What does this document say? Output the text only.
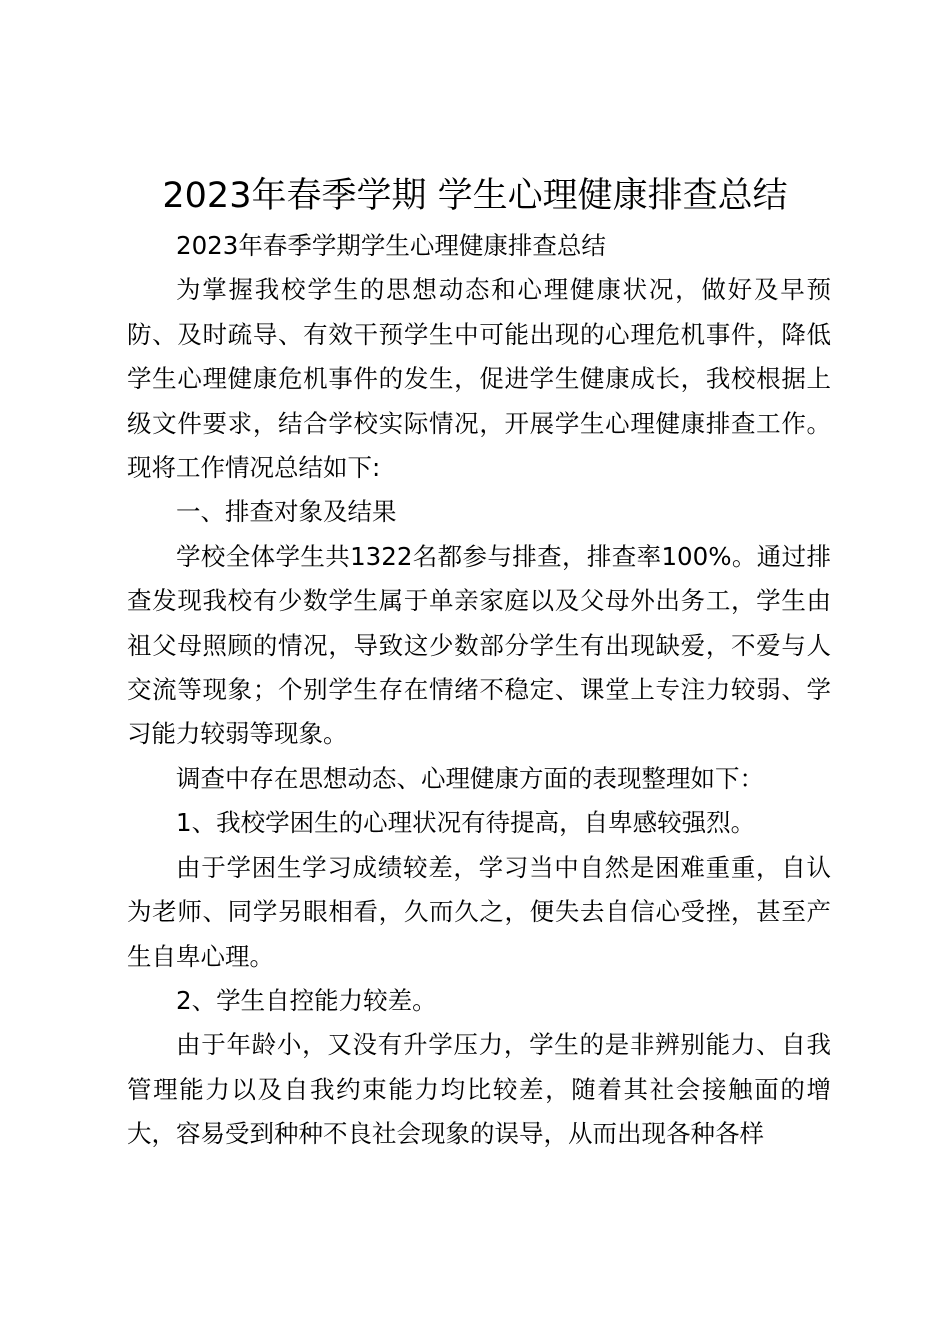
2023年春季学期 学生心理健康排查总结

2023年春季学期学生心理健康排查总结

为掌握我校学生的思想动态和心理健康状况，做好及早预防、及时疏导、有效干预学生中可能出现的心理危机事件，降低学生心理健康危机事件的发生，促进学生健康成长，我校根据上级文件要求，结合学校实际情况，开展学生心理健康排查工作。现将工作情况总结如下:

一、排查对象及结果

学校全体学生共1322名都参与排查，排查率100%。通过排查发现我校有少数学生属于单亲家庭以及父母外出务工，学生由祖父母照顾的情况，导致这少数部分学生有出现缺爱，不爱与人交流等现象；个别学生存在情绪不稳定、课堂上专注力较弱、学习能力较弱等现象。

调查中存在思想动态、心理健康方面的表现整理如下：

1、我校学困生的心理状况有待提高，自卑感较强烈。

由于学困生学习成绩较差，学习当中自然是困难重重，自认为老师、同学另眼相看，久而久之，便失去自信心受挫，甚至产生自卑心理。

2、学生自控能力较差。

由于年龄小，又没有升学压力，学生的是非辨别能力、自我管理能力以及自我约束能力均比较差，随着其社会接触面的增大，容易受到种种不良社会现象的误导，从而出现各种各样
